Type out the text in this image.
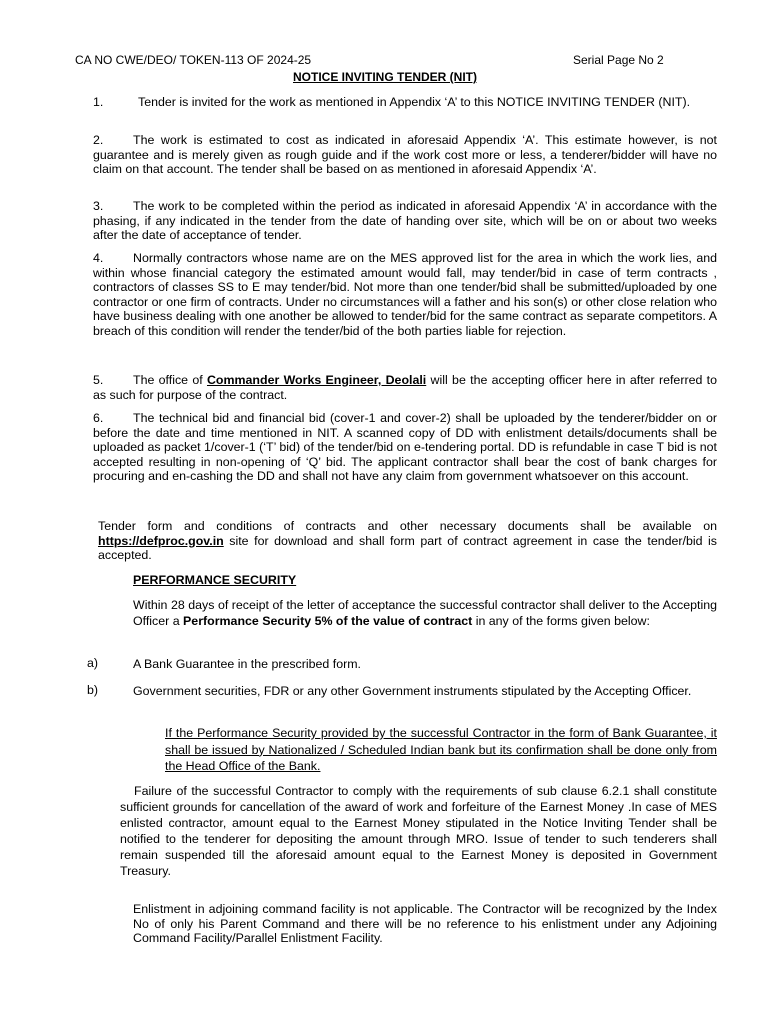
CA NO CWE/DEO/ TOKEN-113 OF 2024-25	Serial Page No 2
NOTICE INVITING TENDER (NIT)
1.	Tender is invited for the work as mentioned in Appendix ‘A’ to this NOTICE INVITING TENDER (NIT).
2. The work is estimated to cost as indicated in aforesaid Appendix ‘A’. This estimate however, is not guarantee and is merely given as rough guide and if the work cost more or less, a tenderer/bidder will have no claim on that account. The tender shall be based on as mentioned in aforesaid Appendix ‘A’.
3. The work to be completed within the period as indicated in aforesaid Appendix ‘A’ in accordance with the phasing, if any indicated in the tender from the date of handing over site, which will be on or about two weeks after the date of acceptance of tender.
4. Normally contractors whose name are on the MES approved list for the area in which the work lies, and within whose financial category the estimated amount would fall, may tender/bid in case of term contracts , contractors of classes SS to E may tender/bid. Not more than one tender/bid shall be submitted/uploaded by one contractor or one firm of contracts. Under no circumstances will a father and his son(s) or other close relation who have business dealing with one another be allowed to tender/bid for the same contract as separate competitors. A breach of this condition will render the tender/bid of the both parties liable for rejection.
5. The office of Commander Works Engineer, Deolali will be the accepting officer here in after referred to as such for purpose of the contract.
6. The technical bid and financial bid (cover-1 and cover-2) shall be uploaded by the tenderer/bidder on or before the date and time mentioned in NIT. A scanned copy of DD with enlistment details/documents shall be uploaded as packet 1/cover-1 (‘T’ bid) of the tender/bid on e-tendering portal. DD is refundable in case T bid is not accepted resulting in non-opening of ‘Q’ bid. The applicant contractor shall bear the cost of bank charges for procuring and en-cashing the DD and shall not have any claim from government whatsoever on this account.
Tender form and conditions of contracts and other necessary documents shall be available on https://defproc.gov.in site for download and shall form part of contract agreement in case the tender/bid is accepted.
PERFORMANCE SECURITY
Within 28 days of receipt of the letter of acceptance the successful contractor shall deliver to the Accepting Officer a Performance Security 5% of the value of contract in any of the forms given below:
a)	A Bank Guarantee in the prescribed form.
b)	Government securities, FDR or any other Government instruments stipulated by the Accepting Officer.
If the Performance Security provided by the successful Contractor in the form of Bank Guarantee, it shall be issued by Nationalized / Scheduled Indian bank but its confirmation shall be done only from the Head Office of the Bank.
Failure of the successful Contractor to comply with the requirements of sub clause 6.2.1 shall constitute sufficient grounds for cancellation of the award of work and forfeiture of the Earnest Money .In case of MES enlisted contractor, amount equal to the Earnest Money stipulated in the Notice Inviting Tender shall be notified to the tenderer for depositing the amount through MRO. Issue of tender to such tenderers shall remain suspended till the aforesaid amount equal to the Earnest Money is deposited in Government Treasury.
Enlistment in adjoining command facility is not applicable. The Contractor will be recognized by the Index No of only his Parent Command and there will be no reference to his enlistment under any Adjoining Command Facility/Parallel Enlistment Facility.
